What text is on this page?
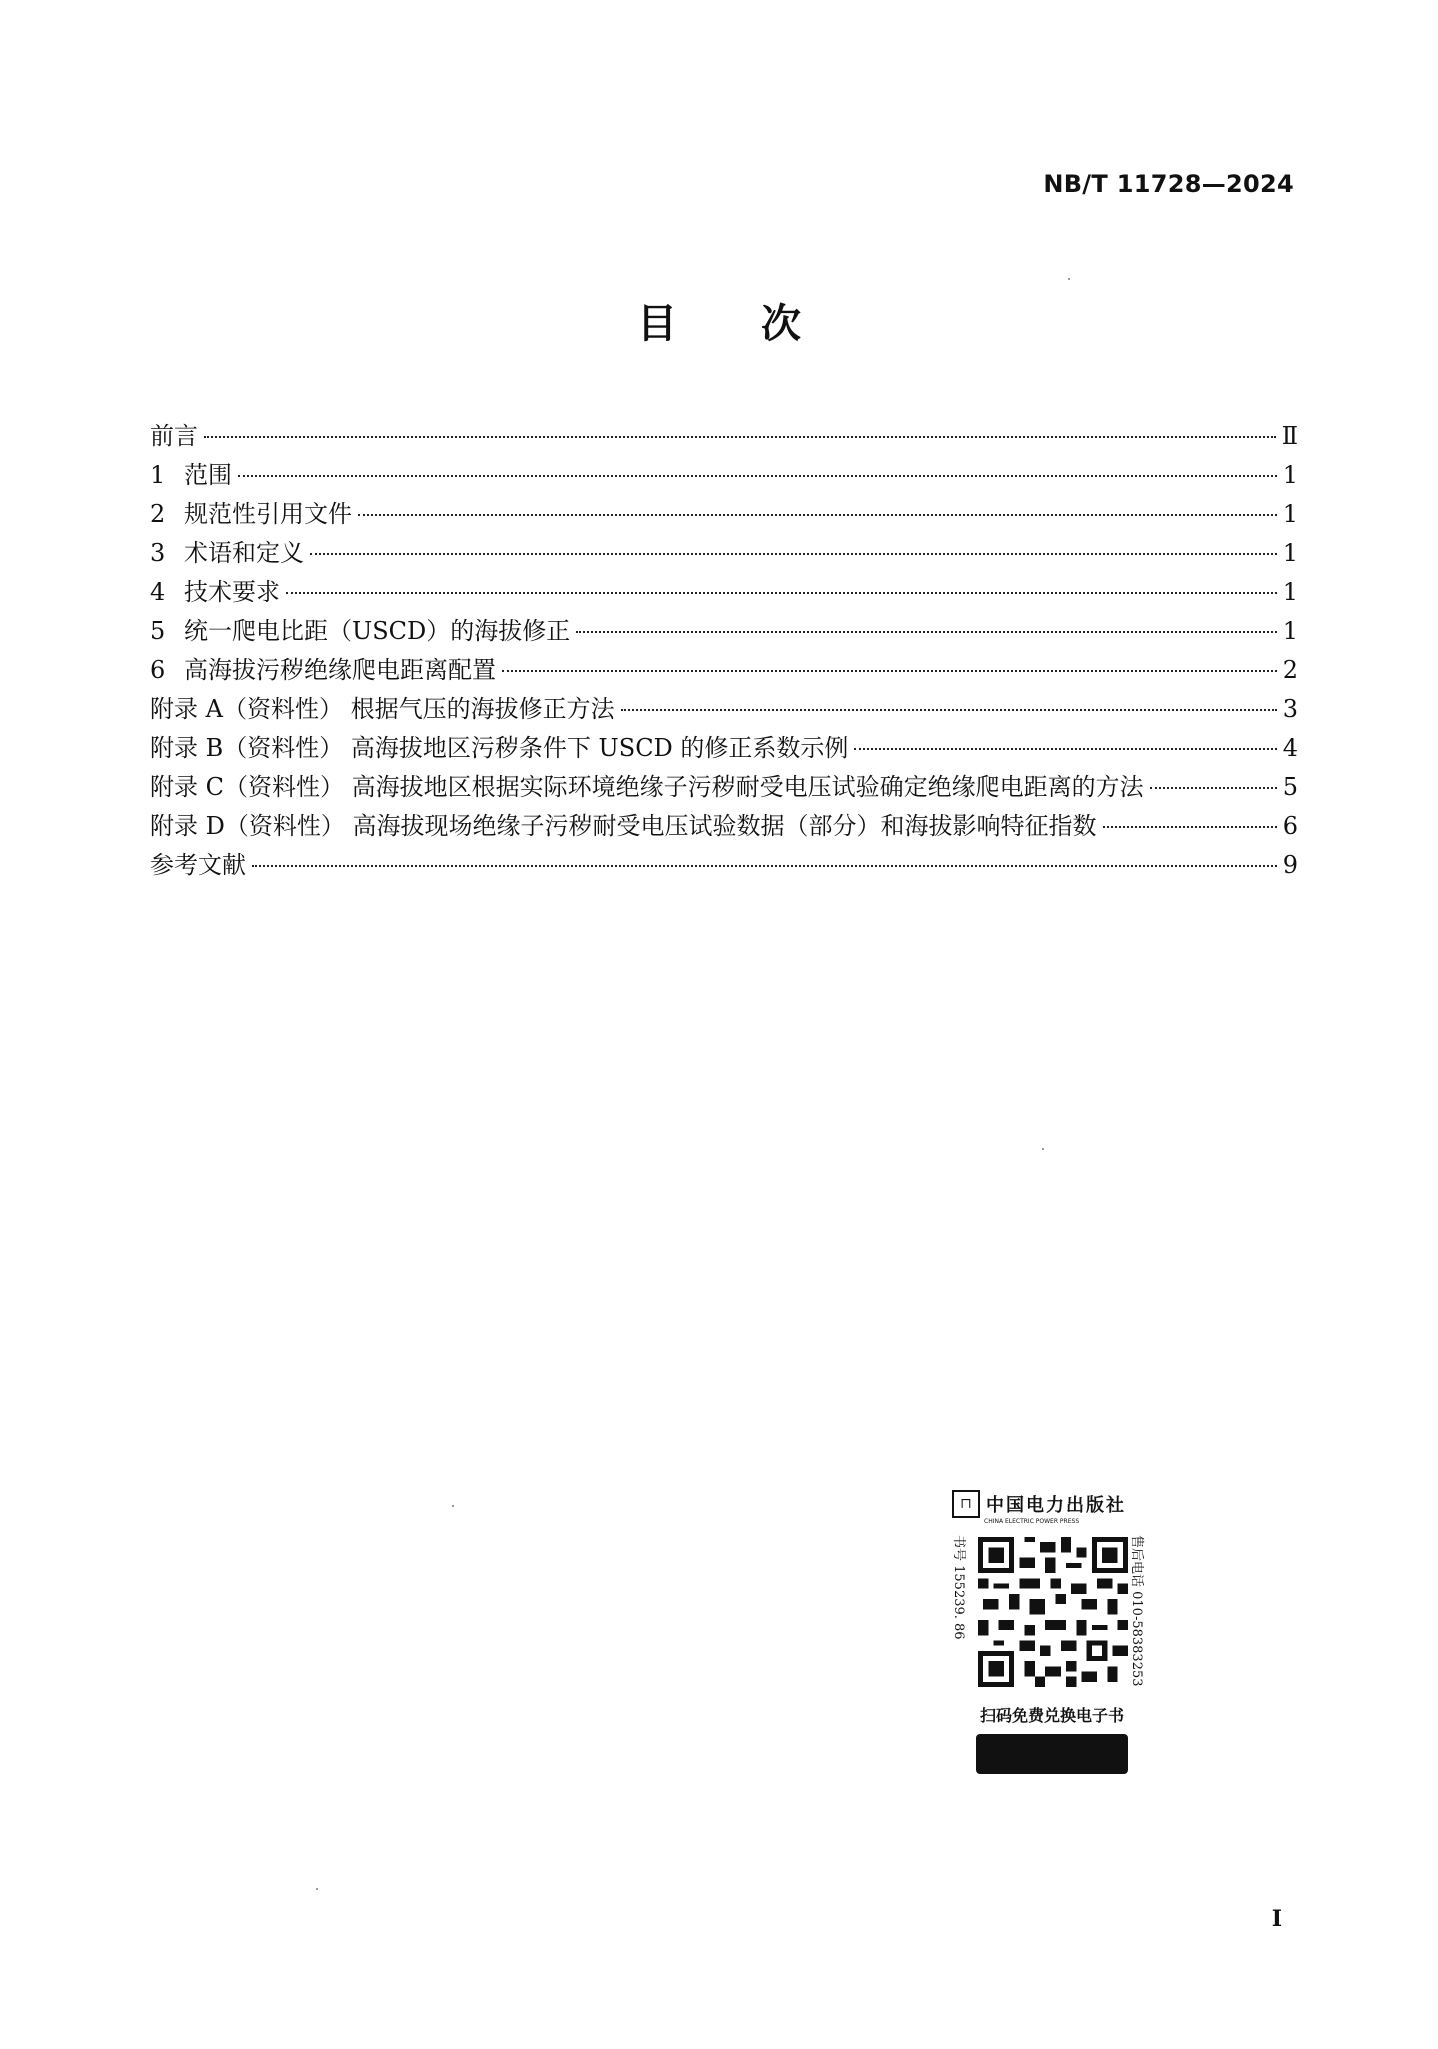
NB/T 11728—2024
目 次
前言	Ⅱ
1 范围	1
2 规范性引用文件	1
3 术语和定义	1
4 技术要求	1
5 统一爬电比距（USCD）的海拔修正	1
6 高海拔污秽绝缘爬电距离配置	2
附录 A（资料性） 根据气压的海拔修正方法	3
附录 B（资料性） 高海拔地区污秽条件下 USCD 的修正系数示例	4
附录 C（资料性） 高海拔地区根据实际环境绝缘子污秽耐受电压试验确定绝缘爬电距离的方法	5
附录 D（资料性） 高海拔现场绝缘子污秽耐受电压试验数据（部分）和海拔影响特征指数	6
参考文献	9
⊓ 中国电力出版社
CHINA ELECTRIC POWER PRESS
书号 155239. 86	售后电话 010-58383253
扫码免费兑换电子书
I
